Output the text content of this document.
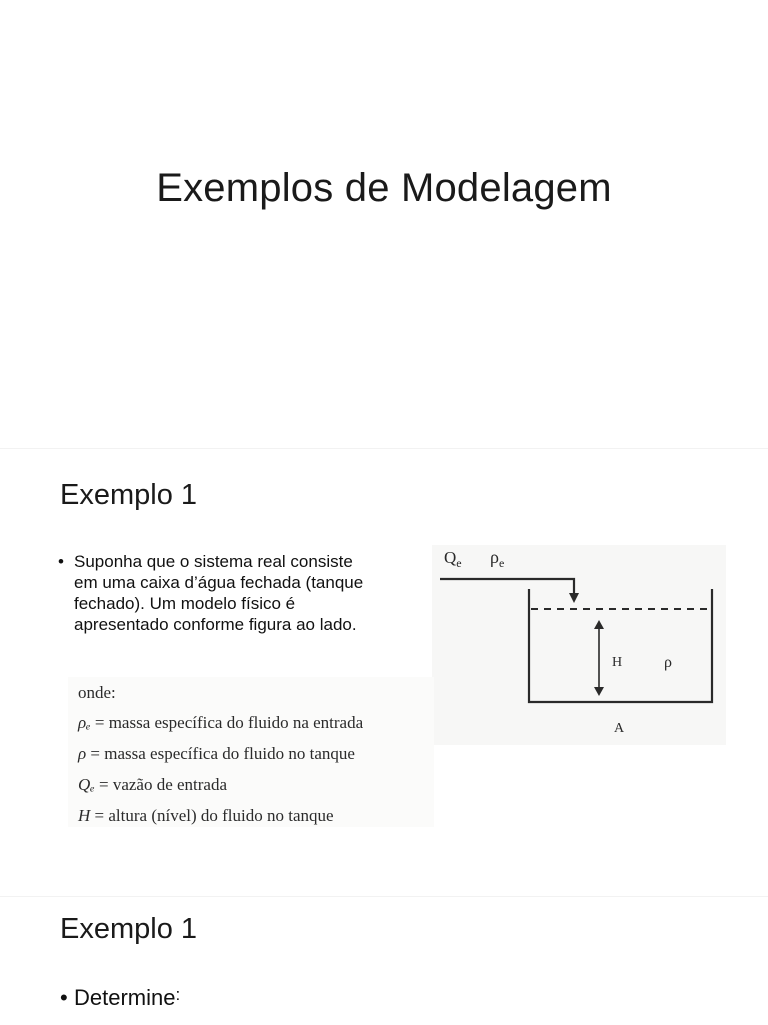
Exemplos de Modelagem
Exemplo 1
• Suponha que o sistema real consiste em uma caixa d’água fechada (tanque fechado). Um modelo físico é apresentado conforme figura ao lado.
$Q_e$ $\rho_e$
H	ρ
A
onde:
ρₑ = massa específica do fluido na entrada
ρ = massa específica do fluido no tanque
Qₑ = vazão de entrada
H = altura (nível) do fluido no tanque
Exemplo 1
• Determine :
